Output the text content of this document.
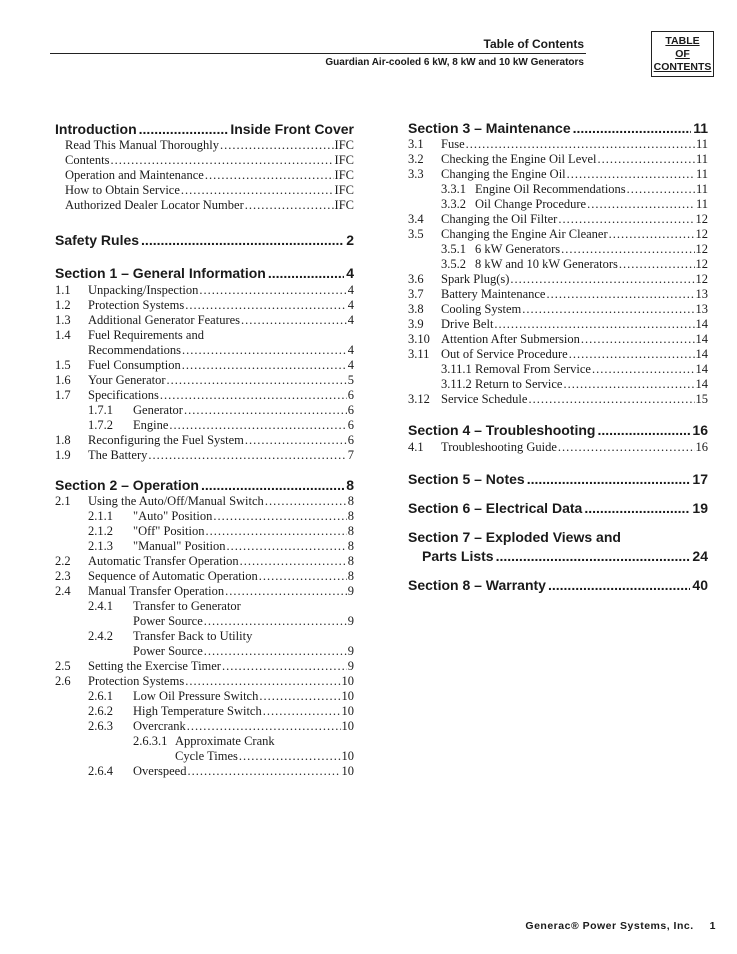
Table of Contents
Guardian Air-cooled 6 kW, 8 kW and 10 kW Generators
TABLE
OF
CONTENTS
Introduction .....	Inside Front Cover
Read This Manual Thoroughly .....	IFC
Contents .....	IFC
Operation and Maintenance .....	IFC
How to Obtain Service .....	IFC
Authorized Dealer Locator Number .....	IFC
Safety Rules .....	2
Section 1 – General Information .....	4
1.1 Unpacking/Inspection .....	4
1.2 Protection Systems .....	4
1.3 Additional Generator Features .....	4
1.4 Fuel Requirements and
Recommendations .....	4
1.5 Fuel Consumption .....	4
1.6 Your Generator .....	5
1.7 Specifications .....	6
1.7.1 Generator .....	6
1.7.2 Engine .....	6
1.8 Reconfiguring the Fuel System .....	6
1.9 The Battery .....	7
Section 2 – Operation .....	8
2.1 Using the Auto/Off/Manual Switch .....	8
2.1.1 "Auto" Position .....	8
2.1.2 "Off" Position .....	8
2.1.3 "Manual" Position .....	8
2.2 Automatic Transfer Operation .....	8
2.3 Sequence of Automatic Operation .....	8
2.4 Manual Transfer Operation .....	9
2.4.1 Transfer to Generator
Power Source .....	9
2.4.2 Transfer Back to Utility
Power Source .....	9
2.5 Setting the Exercise Timer .....	9
2.6 Protection Systems .....	10
2.6.1 Low Oil Pressure Switch .....	10
2.6.2 High Temperature Switch .....	10
2.6.3 Overcrank .....	10
2.6.3.1 Approximate Crank
Cycle Times .....	10
2.6.4 Overspeed .....	10
Section 3 – Maintenance .....	11
3.1 Fuse .....	11
3.2 Checking the Engine Oil Level .....	11
3.3 Changing the Engine Oil .....	11
3.3.1 Engine Oil Recommendations .....	11
3.3.2 Oil Change Procedure .....	11
3.4 Changing the Oil Filter .....	12
3.5 Changing the Engine Air Cleaner .....	12
3.5.1 6 kW Generators .....	12
3.5.2 8 kW and 10 kW Generators .....	12
3.6 Spark Plug(s) .....	12
3.7 Battery Maintenance .....	13
3.8 Cooling System .....	13
3.9 Drive Belt .....	14
3.10 Attention After Submersion .....	14
3.11 Out of Service Procedure .....	14
3.11.1 Removal From Service .....	14
3.11.2 Return to Service .....	14
3.12 Service Schedule .....	15
Section 4 – Troubleshooting .....	16
4.1 Troubleshooting Guide .....	16
Section 5 – Notes .....	17
Section 6 – Electrical Data .....	19
Section 7 – Exploded Views and
Parts Lists .....	24
Section 8 – Warranty .....	40
Generac® Power Systems, Inc. 1
